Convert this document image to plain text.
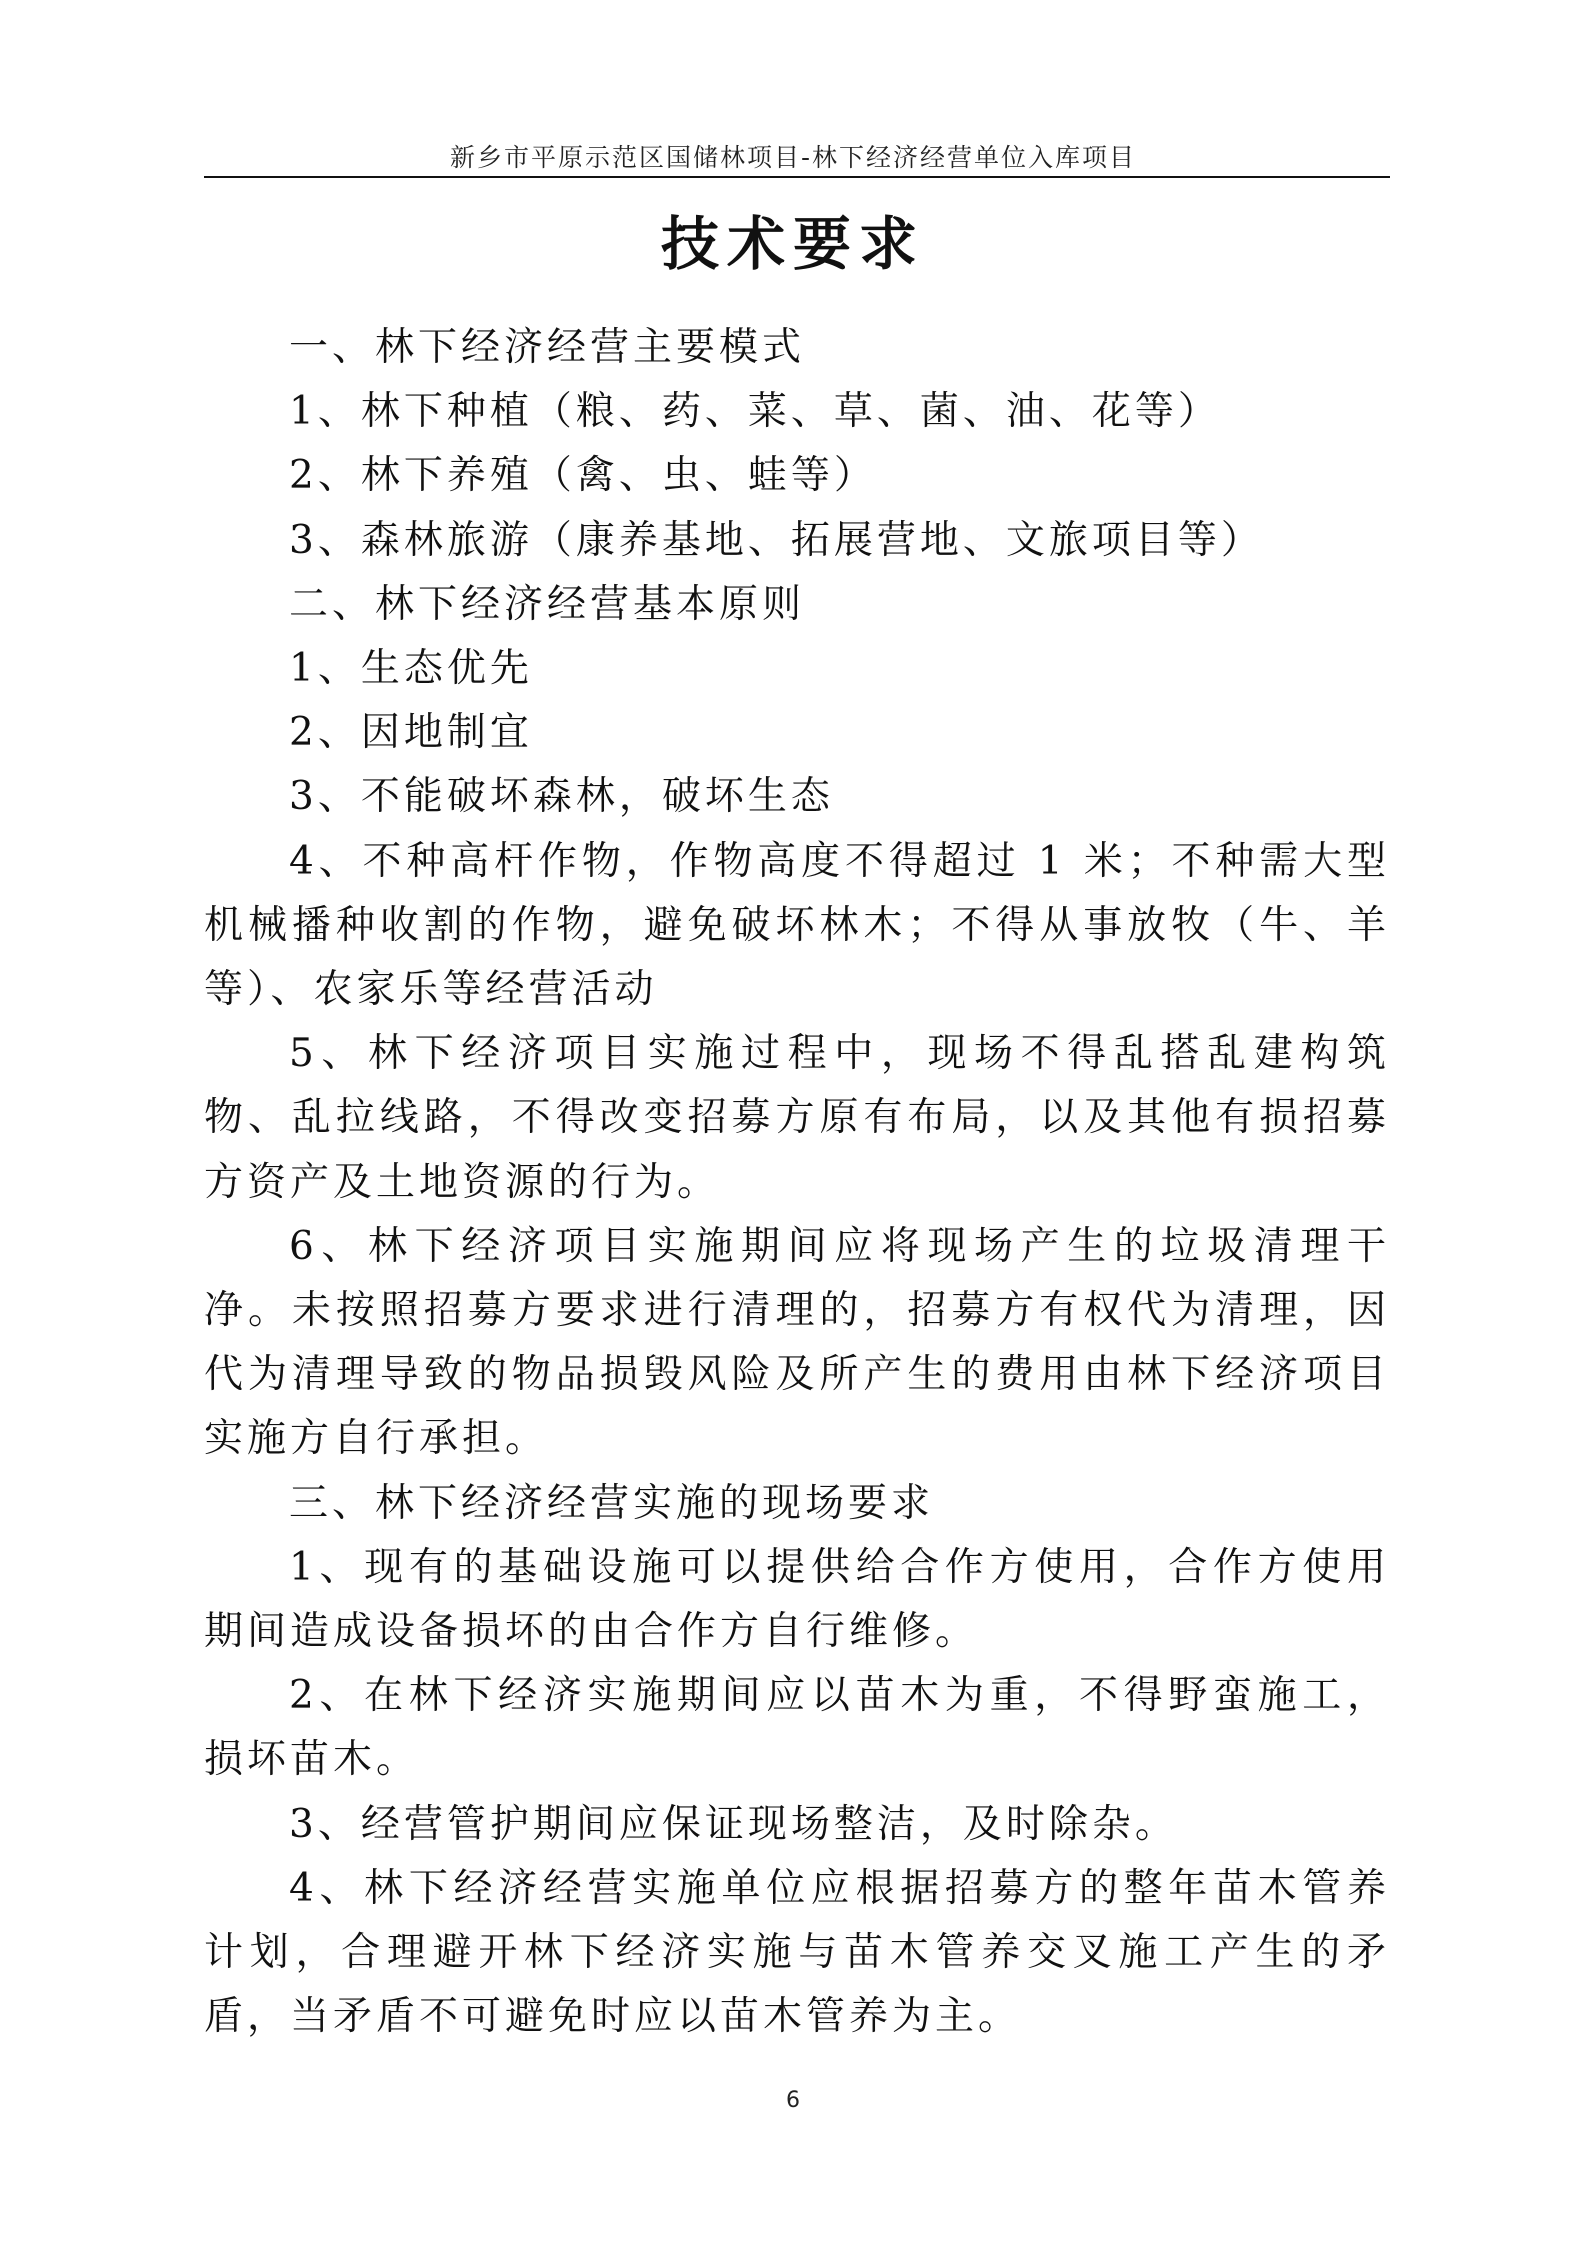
新乡市平原示范区国储林项目-林下经济经营单位入库项目
技术要求

一、林下经济经营主要模式

1、林下种植（粮、药、菜、草、菌、油、花等）

2、林下养殖（禽、虫、蛙等）

3、森林旅游（康养基地、拓展营地、文旅项目等）

二、林下经济经营基本原则

1、生态优先

2、因地制宜

3、不能破坏森林，破坏生态

4、不种高杆作物，作物高度不得超过 1 米；不种需大型机械播种收割的作物，避免破坏林木；不得从事放牧（牛、羊等）、农家乐等经营活动

5、林下经济项目实施过程中，现场不得乱搭乱建构筑物、乱拉线路，不得改变招募方原有布局，以及其他有损招募方资产及土地资源的行为。

6、林下经济项目实施期间应将现场产生的垃圾清理干净。未按照招募方要求进行清理的，招募方有权代为清理，因代为清理导致的物品损毁风险及所产生的费用由林下经济项目实施方自行承担。

三、林下经济经营实施的现场要求

1、现有的基础设施可以提供给合作方使用，合作方使用期间造成设备损坏的由合作方自行维修。

2、在林下经济实施期间应以苗木为重，不得野蛮施工，损坏苗木。

3、经营管护期间应保证现场整洁，及时除杂。

4、林下经济经营实施单位应根据招募方的整年苗木管养计划，合理避开林下经济实施与苗木管养交叉施工产生的矛盾，当矛盾不可避免时应以苗木管养为主。

6
